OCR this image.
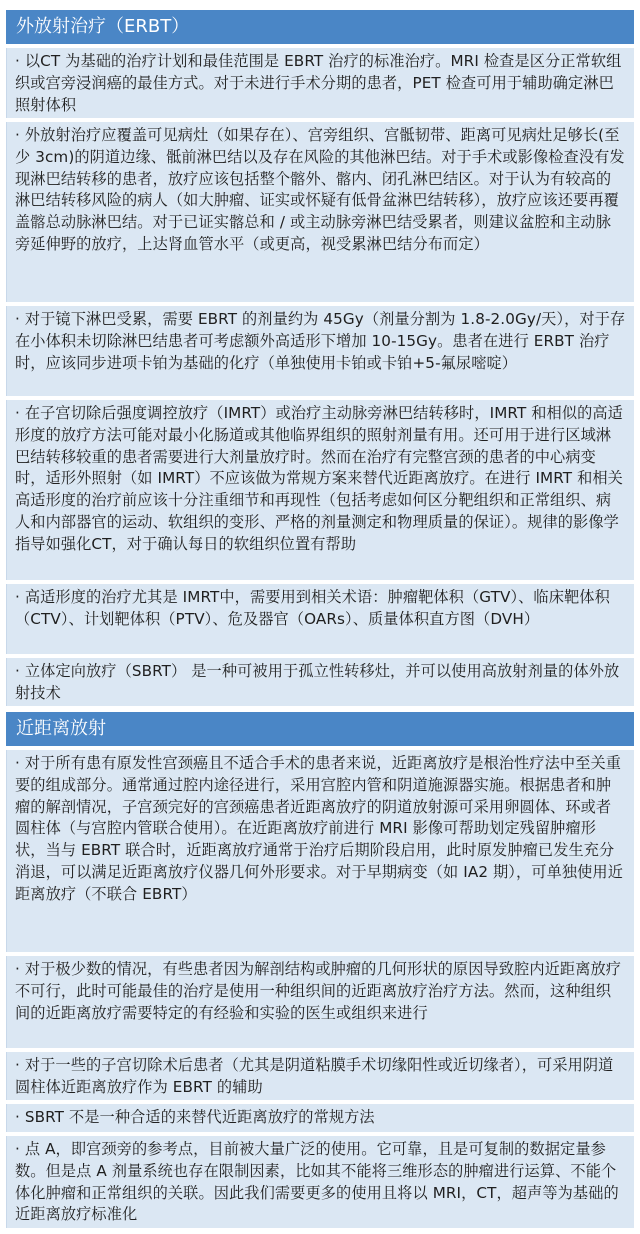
外放射治疗（ERBT）
· 以CT 为基础的治疗计划和最佳范围是 EBRT 治疗的标准治疗。MRI 检查是区分正常软组织或宫旁浸润癌的最佳方式。对于未进行手术分期的患者，PET 检查可用于辅助确定淋巴照射体积
· 外放射治疗应覆盖可见病灶（如果存在）、宫旁组织、宫骶韧带、距离可见病灶足够长(至少 3cm)的阴道边缘、骶前淋巴结以及存在风险的其他淋巴结。对于手术或影像检查没有发现淋巴结转移的患者，放疗应该包括整个髂外、髂内、闭孔淋巴结区。对于认为有较高的淋巴结转移风险的病人（如大肿瘤、证实或怀疑有低骨盆淋巴结转移），放疗应该还要再覆盖髂总动脉淋巴结。对于已证实髂总和 / 或主动脉旁淋巴结受累者，则建议盆腔和主动脉旁延伸野的放疗，上达肾血管水平（或更高，视受累淋巴结分布而定）
· 对于镜下淋巴受累，需要 EBRT 的剂量约为 45Gy（剂量分割为 1.8-2.0Gy/天），对于存在小体积未切除淋巴结患者可考虑额外高适形下增加 10-15Gy。患者在进行 ERBT 治疗时，应该同步进项卡铂为基础的化疗（单独使用卡铂或卡铂+5-氟尿嘧啶）
· 在子宫切除后强度调控放疗（IMRT）或治疗主动脉旁淋巴结转移时，IMRT 和相似的高适形度的放疗方法可能对最小化肠道或其他临界组织的照射剂量有用。还可用于进行区域淋巴结转移较重的患者需要进行大剂量放疗时。然而在治疗有完整宫颈的患者的中心病变时，适形外照射（如 IMRT）不应该做为常规方案来替代近距离放疗。在进行 IMRT 和相关高适形度的治疗前应该十分注重细节和再现性（包括考虑如何区分靶组织和正常组织、病人和内部器官的运动、软组织的变形、严格的剂量测定和物理质量的保证）。规律的影像学指导如强化CT，对于确认每日的软组织位置有帮助
· 高适形度的治疗尤其是 IMRT中，需要用到相关术语：肿瘤靶体积（GTV）、临床靶体积（CTV）、计划靶体积（PTV）、危及器官（OARs）、质量体积直方图（DVH）
· 立体定向放疗（SBRT） 是一种可被用于孤立性转移灶，并可以使用高放射剂量的体外放射技术
近距离放射
· 对于所有患有原发性宫颈癌且不适合手术的患者来说，近距离放疗是根治性疗法中至关重要的组成部分。通常通过腔内途径进行，采用宫腔内管和阴道施源器实施。根据患者和肿瘤的解剖情况，子宫颈完好的宫颈癌患者近距离放疗的阴道放射源可采用卵圆体、环或者圆柱体（与宫腔内管联合使用）。在近距离放疗前进行 MRI 影像可帮助划定残留肿瘤形状，当与 EBRT 联合时，近距离放疗通常于治疗后期阶段启用，此时原发肿瘤已发生充分消退，可以满足近距离放疗仪器几何外形要求。对于早期病变（如 IA2 期），可单独使用近距离放疗（不联合 EBRT）
· 对于极少数的情况，有些患者因为解剖结构或肿瘤的几何形状的原因导致腔内近距离放疗不可行，此时可能最佳的治疗是使用一种组织间的近距离放疗治疗方法。然而，这种组织间的近距离放疗需要特定的有经验和实验的医生或组织来进行
· 对于一些的子宫切除术后患者（尤其是阴道粘膜手术切缘阳性或近切缘者），可采用阴道圆柱体近距离放疗作为 EBRT 的辅助
· SBRT 不是一种合适的来替代近距离放疗的常规方法
· 点 A，即宫颈旁的参考点，目前被大量广泛的使用。它可靠，且是可复制的数据定量参数。但是点 A 剂量系统也存在限制因素，比如其不能将三维形态的肿瘤进行运算、不能个体化肿瘤和正常组织的关联。因此我们需要更多的使用且将以 MRI，CT，超声等为基础的近距离放疗标准化
